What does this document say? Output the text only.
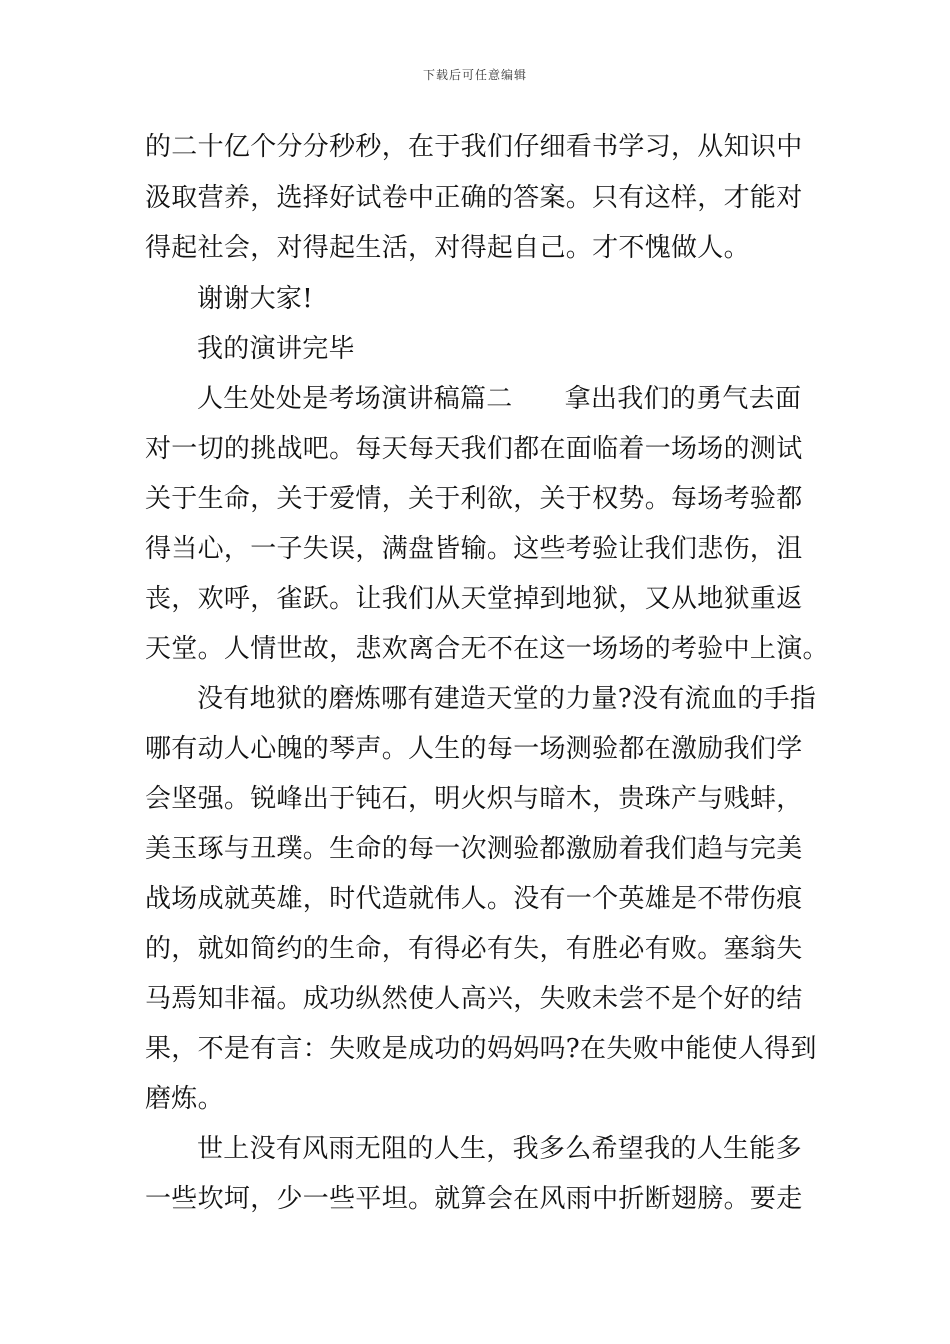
下载后可任意编辑
的二十亿个分分秒秒，在于我们仔细看书学习，从知识中
汲取营养，选择好试卷中正确的答案。只有这样，才能对
得起社会，对得起生活，对得起自己。才不愧做人。
谢谢大家!
我的演讲完毕
人生处处是考场演讲稿篇二 拿出我们的勇气去面
对一切的挑战吧。每天每天我们都在面临着一场场的测试
关于生命，关于爱情，关于利欲，关于权势。每场考验都
得当心，一子失误，满盘皆输。这些考验让我们悲伤，沮
丧，欢呼，雀跃。让我们从天堂掉到地狱，又从地狱重返
天堂。人情世故，悲欢离合无不在这一场场的考验中上演。
没有地狱的磨炼哪有建造天堂的力量?没有流血的手指
哪有动人心魄的琴声。人生的每一场测验都在激励我们学
会坚强。锐峰出于钝石，明火炽与暗木，贵珠产与贱蚌，
美玉琢与丑璞。生命的每一次测验都激励着我们趋与完美
战场成就英雄，时代造就伟人。没有一个英雄是不带伤痕
的，就如简约的生命，有得必有失，有胜必有败。塞翁失
马焉知非福。成功纵然使人高兴，失败未尝不是个好的结
果，不是有言：失败是成功的妈妈吗?在失败中能使人得到
磨炼。
世上没有风雨无阻的人生，我多么希望我的人生能多
一些坎坷，少一些平坦。就算会在风雨中折断翅膀。要走
